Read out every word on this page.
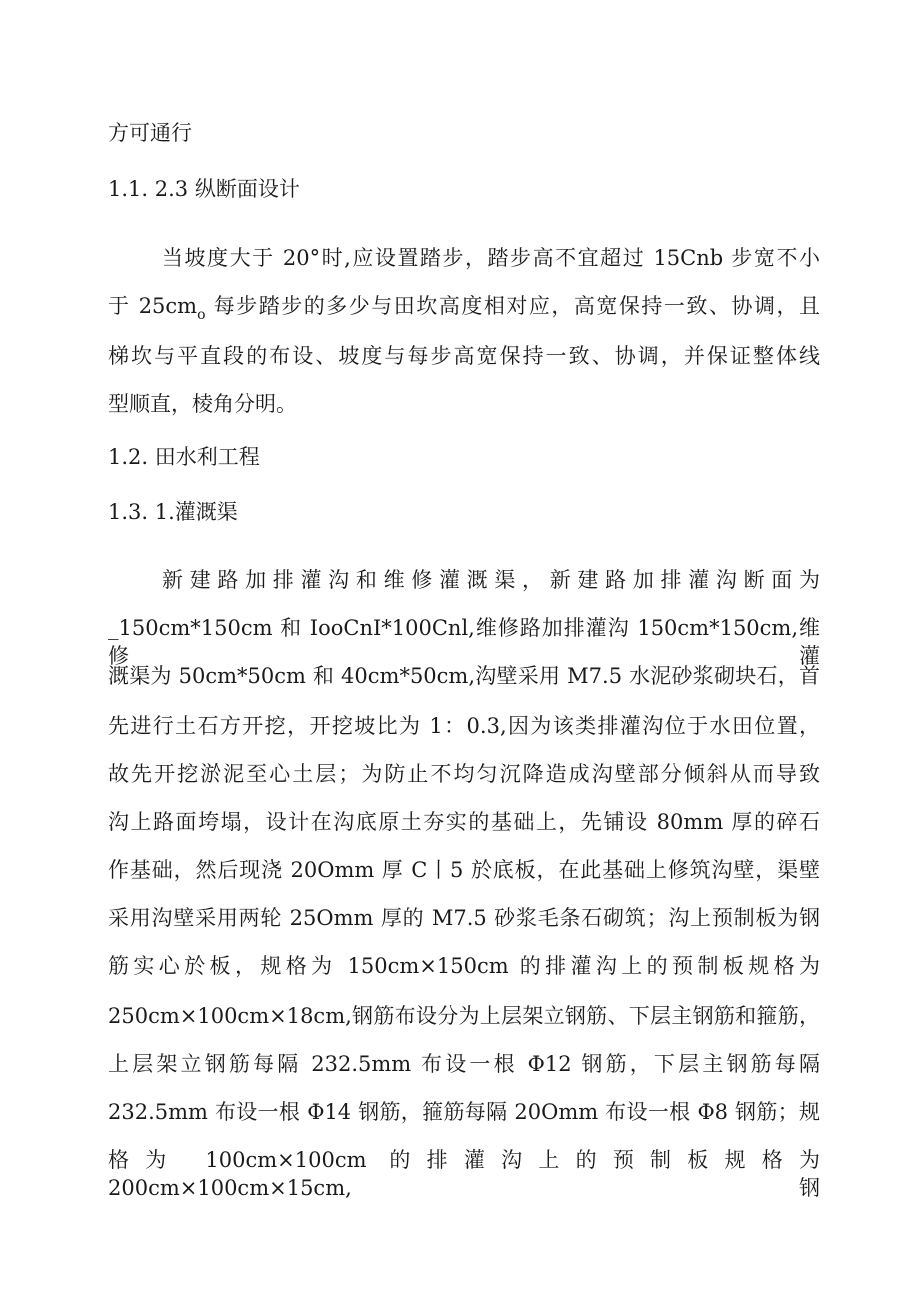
方可通行

1.1. 2.3 纵断面设计

当坡度大于 20°时,应设置踏步，踏步高不宜超过 15Cnb 步宽不小

于 $25cm_o$ 每步踏步的多少与田坎高度相对应，高宽保持一致、协调，且

梯坎与平直段的布设、坡度与每步高宽保持一致、协调，并保证整体线

型顺直，棱角分明。

1.2. 田水利工程

1.3. 1.灌溉渠

新建路加排灌沟和维修灌溉渠，新建路加排灌沟断面为

_150cm*150cm 和 IooCnI*100Cnl,维修路加排灌沟 150cm*150cm,维修灌

溉渠为 50cm*50cm 和 40cm*50cm,沟壁采用 M7.5 水泥砂浆砌块石，首

先进行土石方开挖，开挖坡比为 1：0.3,因为该类排灌沟位于水田位置，

故先开挖淤泥至心土层；为防止不均匀沉降造成沟壁部分倾斜从而导致

沟上路面垮塌，设计在沟底原土夯实的基础上，先铺设 80mm 厚的碎石

作基础，然后现浇 20Omm 厚 C丨5 於底板，在此基础上修筑沟壁，渠壁

采用沟壁采用两轮 25Omm 厚的 M7.5 砂浆毛条石砌筑；沟上预制板为钢

筋实心於板，规格为 150cm×150cm 的排灌沟上的预制板规格为

250cm×100cm×18cm,钢筋布设分为上层架立钢筋、下层主钢筋和箍筋，

上层架立钢筋每隔 232.5mm 布设一根 Φ12 钢筋，下层主钢筋每隔

232.5mm 布设一根 Φ14 钢筋，箍筋每隔 20Omm 布设一根 Φ8 钢筋；规

格为 100cm×100cm 的排灌沟上的预制板规格为 200cm×100cm×15cm,钢
